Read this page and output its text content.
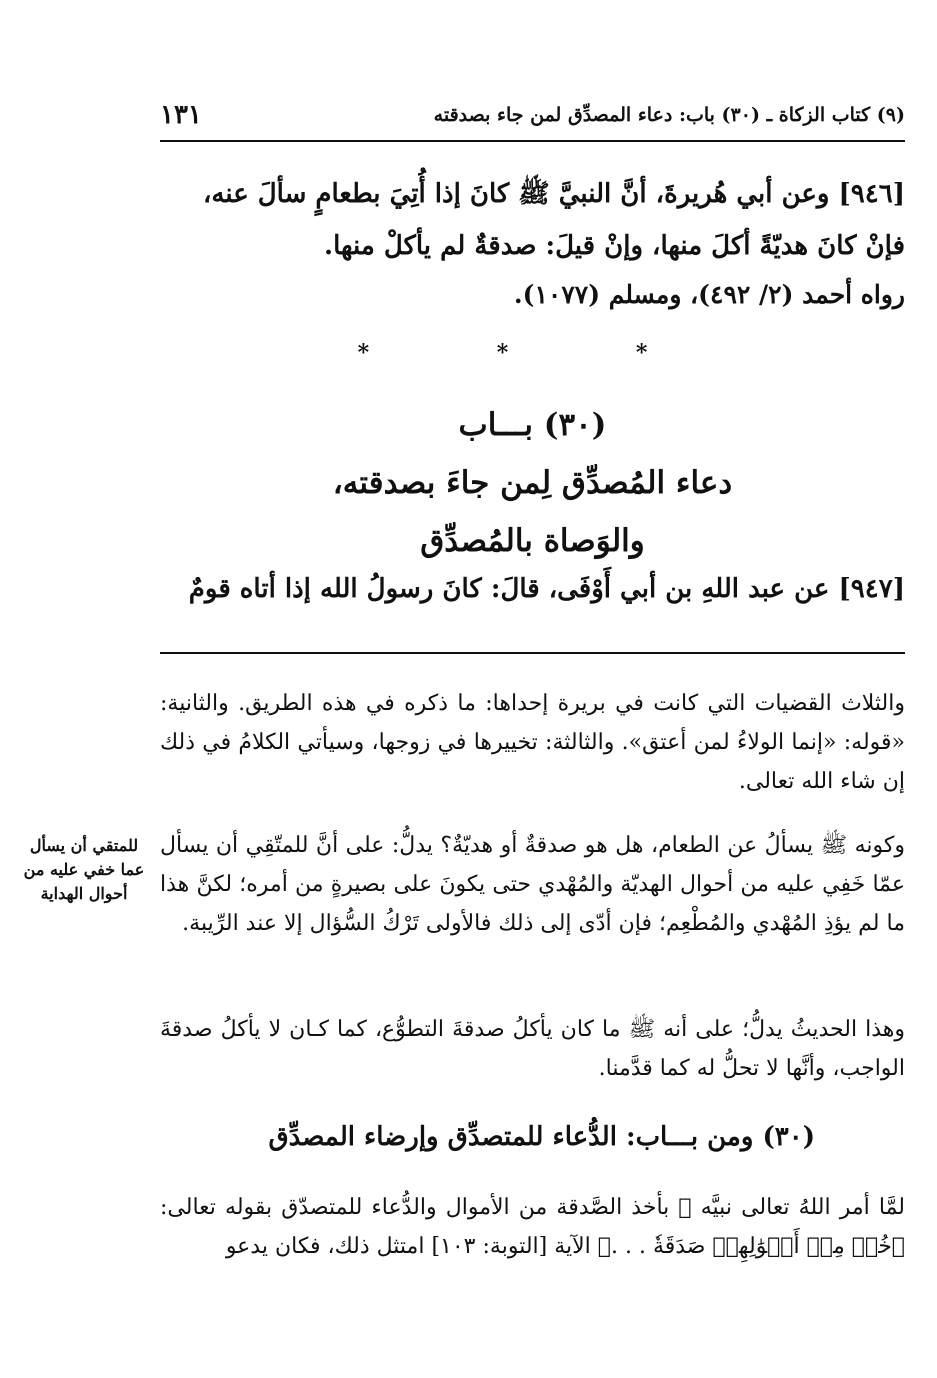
(٩) كتاب الزكاة ـ (٣٠) باب: دعاء المصدِّق لمن جاء بصدقته
١٣١

[٩٤٦] وعن أبي هُريرةَ، أنَّ النبيَّ ﷺ كانَ إذا أُتِيَ بطعامٍ سألَ عنه،

فإنْ كانَ هديّةً أكلَ منها، وإنْ قيلَ: صدقةٌ لم يأكلْ منها.

رواه أحمد (٢/ ٤٩٢)، ومسلم (١٠٧٧).
* * *
(٣٠) بـــاب
دعاء المُصدِّق لِمن جاءَ بصدقته،
والوَصاة بالمُصدِّق
[٩٤٧] عن عبد اللهِ بن أبي أَوْفَى، قالَ: كانَ رسولُ الله إذا أتاه قومٌ
والثلاث القضيات التي كانت في بريرة إحداها: ما ذكره في هذه الطريق. والثانية: «قوله: «إنما الولاءُ لمن أعتق». والثالثة: تخييرها في زوجها، وسيأتي الكلامُ في ذلك إن شاء الله تعالى.
وكونه ﷺ يسألُ عن الطعام، هل هو صدقةٌ أو هديّةٌ؟ يدلُّ: على أنَّ للمتّقِي أن يسأل عمّا خَفِي عليه من أحوال الهديّة والمُهْدي حتى يكونَ على بصيرةٍ من أمره؛ لكنَّ هذا ما لم يؤذِ المُهْدي والمُطْعِم؛ فإن أدّى إلى ذلك فالأولى تَرْكُ السُّؤال إلا عند الرِّيبة.
وهذا الحديثُ يدلُّ؛ على أنه ﷺ ما كان يأكلُ صدقةَ التطوُّع، كما كـان لا يأكلُ صدقةَ الواجب، وأنَّها لا تحلُّ له كما قدَّمنا.
(٣٠) ومن بـــاب: الدُّعاء للمتصدِّق وإرضاء المصدِّق
لمَّا أمر اللهُ تعالى نبيَّه ﷺ بأخذ الصَّدقة من الأموال والدُّعاء للمتصدّق بقوله تعالى: ﴿خُذۡ مِنۡ أَمۡوَٰلِهِمۡ صَدَقَةٗ . . .﴾ الآية [التوبة: ١٠٣] امتثل ذلك، فكان يدعو
للمتقي أن يسأل عما خفي عليه من أحوال الهداية
